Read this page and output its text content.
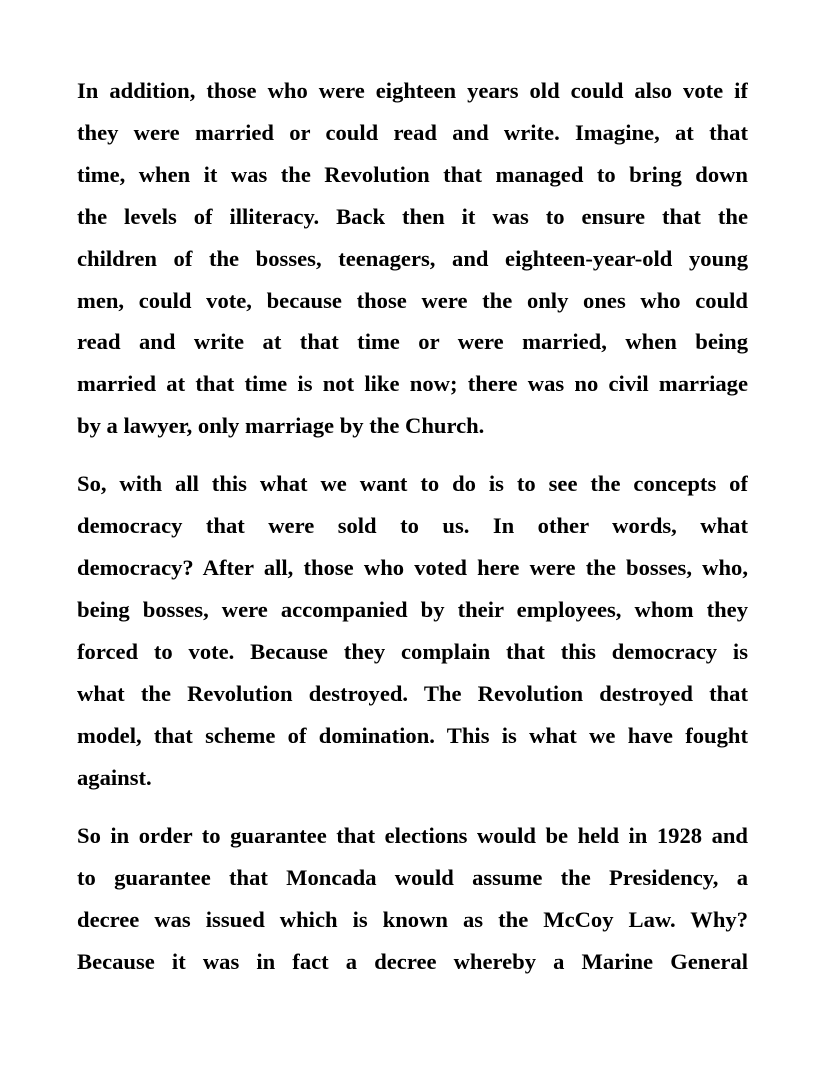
In addition, those who were eighteen years old could also vote if
they were married or could read and write. Imagine, at that
time, when it was the Revolution that managed to bring down
the levels of illiteracy. Back then it was to ensure that the
children of the bosses, teenagers, and eighteen-year-old young
men, could vote, because those were the only ones who could
read and write at that time or were married, when being
married at that time is not like now; there was no civil marriage
by a lawyer, only marriage by the Church.
So, with all this what we want to do is to see the concepts of
democracy that were sold to us. In other words, what
democracy? After all, those who voted here were the bosses, who,
being bosses, were accompanied by their employees, whom they
forced to vote. Because they complain that this democracy is
what the Revolution destroyed. The Revolution destroyed that
model, that scheme of domination. This is what we have fought
against.
So in order to guarantee that elections would be held in 1928 and
to guarantee that Moncada would assume the Presidency, a
decree was issued which is known as the McCoy Law. Why?
Because it was in fact a decree whereby a Marine General
